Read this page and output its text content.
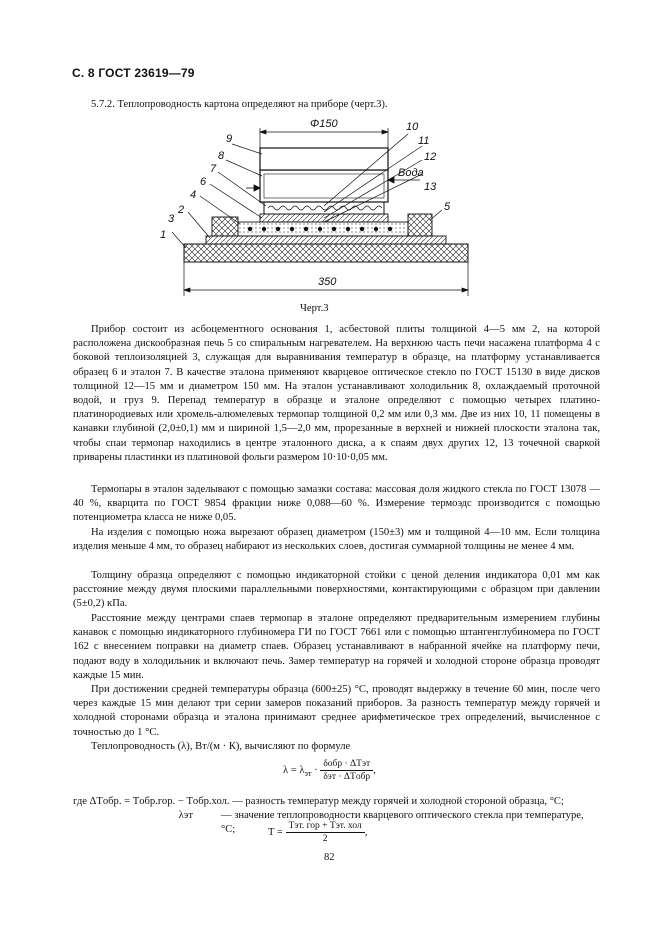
С. 8 ГОСТ 23619—79

5.7.2. Теплопроводность картона определяют на приборе (черт.3).

Φ150
350
Вода
9
8
7
6
4
2
3
1
10
11
12
13
5
Черт.3

Прибор состоит из асбоцементного основания 1, асбестовой плиты толщиной 4—5 мм 2, на которой расположена дискообразная печь 5 со спиральным нагревателем. На верхнюю часть печи насажена платформа 4 с боковой теплоизоляцией 3, служащая для выравнивания температур в образце, на платформу устанавливается образец 6 и эталон 7. В качестве эталона применяют кварцевое оптическое стекло по ГОСТ 15130 в виде дисков толщиной 12—15 мм и диаметром 150 мм. На эталон устанавливают холодильник 8, охлаждаемый проточной водой, и груз 9. Перепад температур в образце и эталоне определяют с помощью четырех платино-платинородиевых или хромель-алюмелевых термопар толщиной 0,2 мм или 0,3 мм. Две из них 10, 11 помещены в канавки глубиной (2,0±0,1) мм и шириной 1,5—2,0 мм, прорезанные в верхней и нижней плоскости эталона так, чтобы спаи термопар находились в центре эталонного диска, а к спаям двух других 12, 13 точечной сваркой приварены пластинки из платиновой фольги размером 10·10·0,05 мм.

Термопары в эталон заделывают с помощью замазки состава: массовая доля жидкого стекла по ГОСТ 13078 — 40 %, кварцита по ГОСТ 9854 фракции ниже 0,088—60 %. Измерение термоэдс производится с помощью потенциометра класса не ниже 0,05.

На изделия с помощью ножа вырезают образец диаметром (150±3) мм и толщиной 4—10 мм. Если толщина изделия меньше 4 мм, то образец набирают из нескольких слоев, достигая суммарной толщины не менее 4 мм.

Толщину образца определяют с помощью индикаторной стойки с ценой деления индикатора 0,01 мм как расстояние между двумя плоскими параллельными поверхностями, контактирующими с образцом при давлении (5±0,2) кПа.

Расстояние между центрами спаев термопар в эталоне определяют предварительным измерением глубины канавок с помощью индикаторного глубиномера ГИ по ГОСТ 7661 или с помощью штангенглубиномера по ГОСТ 162 с внесением поправки на диаметр спаев. Образец устанавливают в набранной ячейке на платформу печи, подают воду в холодильник и включают печь. Замер температур на горячей и холодной стороне образца проводят каждые 15 мин.

При достижении средней температуры образца (600±25) °С, проводят выдержку в течение 60 мин, после чего через каждые 15 мин делают три серии замеров показаний приборов. За разность температур между горячей и холодной сторонами образца и эталона принимают среднее арифметическое трех определений, вычисленное с точностью до 1 °С.

Теплопроводность (λ), Вт/(м · К), вычисляют по формуле

$\lambda = \lambda_{эт} \cdot \frac{\text{δобр · ΔTэт}}{\text{δэт · ΔTобр}}$ ,
где ΔTобр. = Tобр.гор. − Tобр.хол. — разность температур между горячей и холодной стороной образца, °С;
λэт	— значение теплопроводности кварцевого оптического стекла при температуре, °С;	$T = \frac{\text{Tэт. гор + Tэт. хол}}{2}$ ,
82
